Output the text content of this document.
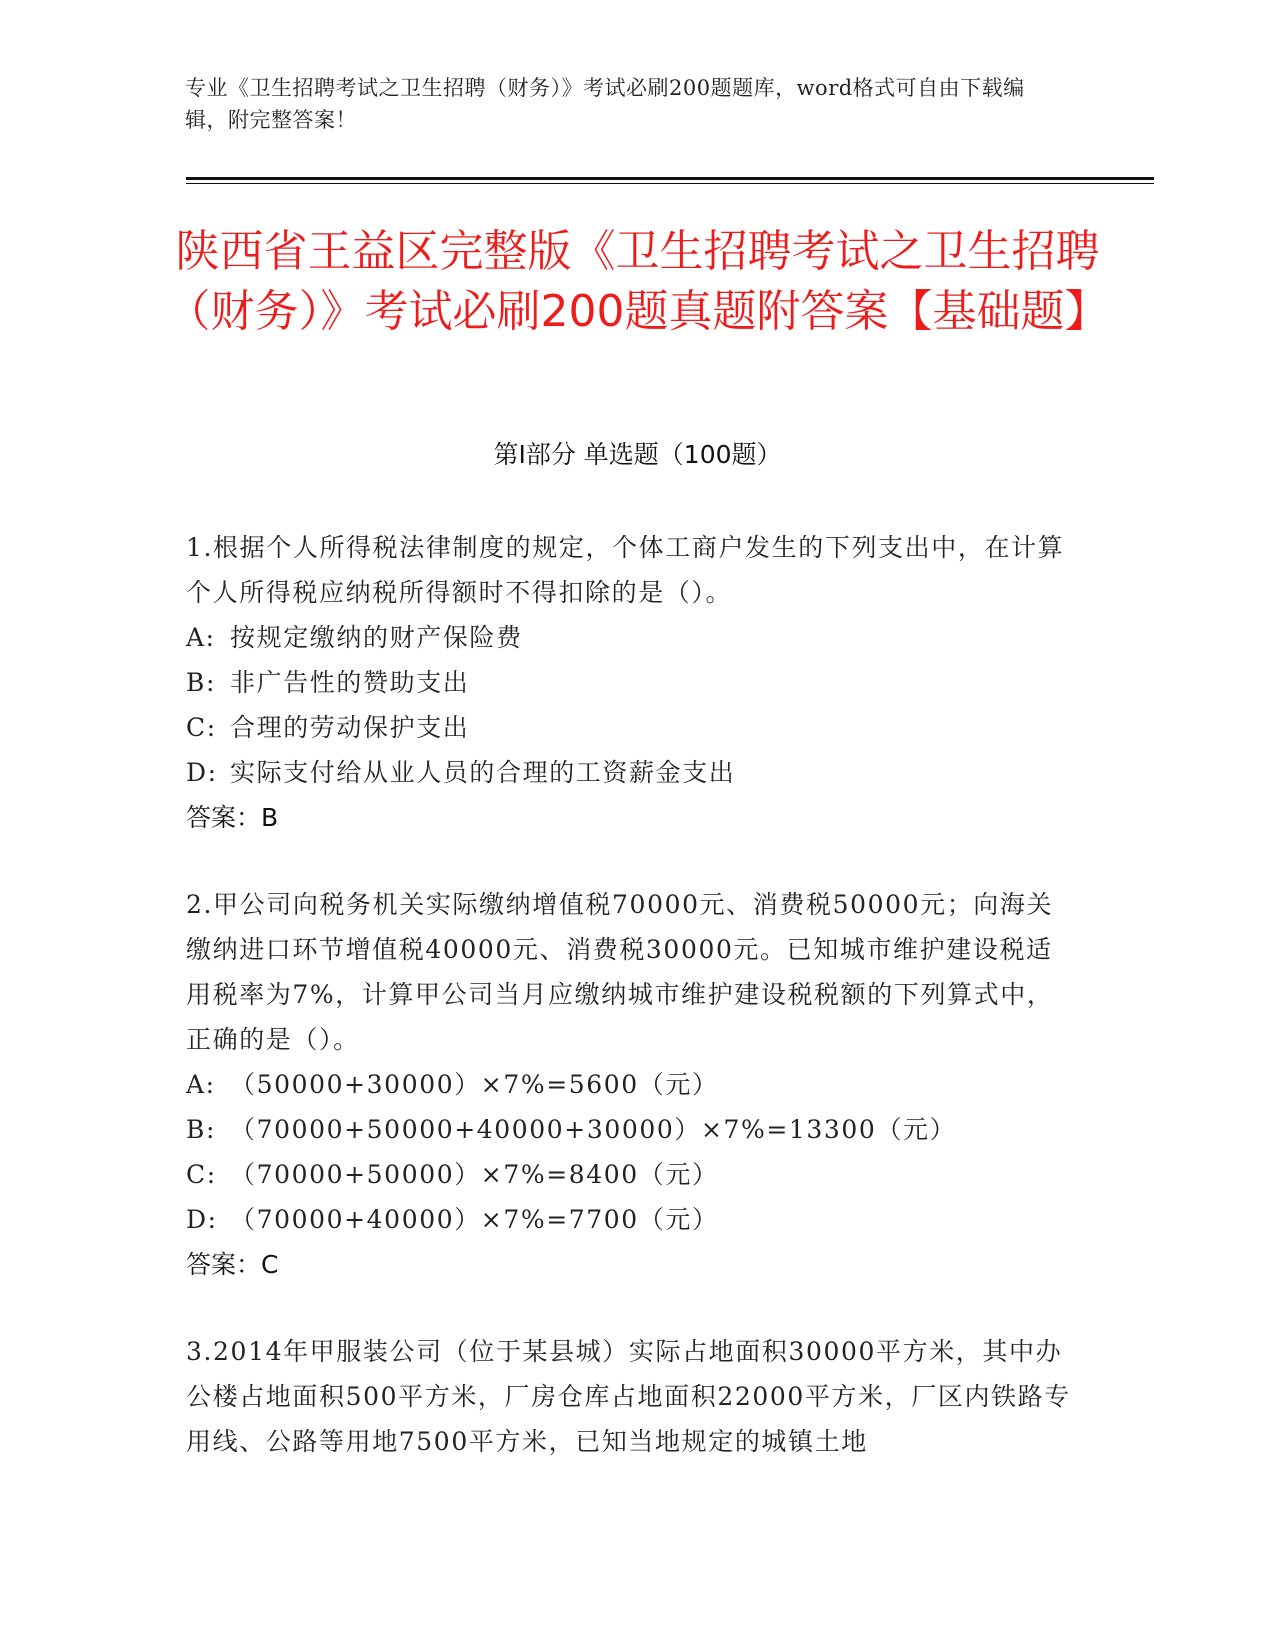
专业《卫生招聘考试之卫生招聘（财务）》考试必刷200题题库，word格式可自由下载编辑，附完整答案！
陕西省王益区完整版《卫生招聘考试之卫生招聘（财务）》考试必刷200题真题附答案【基础题】
第Ⅰ部分 单选题（100题）
1.根据个人所得税法律制度的规定，个体工商户发生的下列支出中，在计算个人所得税应纳税所得额时不得扣除的是（）。
A: 按规定缴纳的财产保险费
B: 非广告性的赞助支出
C: 合理的劳动保护支出
D: 实际支付给从业人员的合理的工资薪金支出
答案：B
2.甲公司向税务机关实际缴纳增值税70000元、消费税50000元；向海关缴纳进口环节增值税40000元、消费税30000元。已知城市维护建设税适用税率为7%，计算甲公司当月应缴纳城市维护建设税税额的下列算式中，正确的是（）。
A: （50000+30000）×7%=5600（元）
B: （70000+50000+40000+30000）×7%=13300（元）
C: （70000+50000）×7%=8400（元）
D: （70000+40000）×7%=7700（元）
答案：C
3.2014年甲服装公司（位于某县城）实际占地面积30000平方米，其中办公楼占地面积500平方米，厂房仓库占地面积22000平方米，厂区内铁路专用线、公路等用地7500平方米，已知当地规定的城镇土地
